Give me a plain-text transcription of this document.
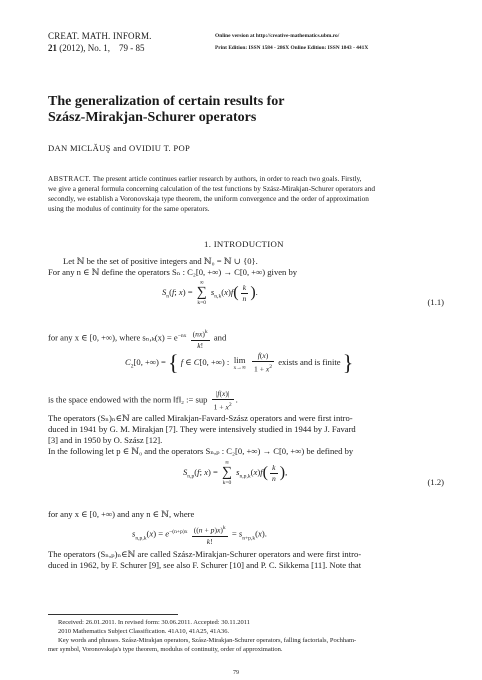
CREAT. MATH. INFORM.
21 (2012), No. 1, 79 - 85
Online version at http://creative-mathematics.ubm.ro/
Print Edition: ISSN 1584 - 286X Online Edition: ISSN 1843 - 441X
The generalization of certain results for
Szász-Mirakjan-Schurer operators
DAN MICLĂUŞ and OVIDIU T. POP
ABSTRACT. The present article continues earlier research by authors, in order to reach two goals. Firstly,
we give a general formula concerning calculation of the test functions by Szász-Mirakjan-Schurer operators and
secondly, we establish a Voronovskaja type theorem, the uniform convergence and the order of approximation
using the modulus of continuity for the same operators.
1. INTRODUCTION
Let ℕ be the set of positive integers and ℕ₀ = ℕ ∪ {0}.
For any n ∈ ℕ define the operators Sₙ : C₂[0, +∞) → C[0, +∞) given by
$S_n(f$; x) =
∞
∑
k=0
$s_{n,k}(x)f( \frac{k}{n}$ ).
(1.1)
for any x ∈ [0, +∞), where $s_n,_k(x) = e^{-nx} \frac{(nx)^k}{k!}$ and
$C_2[0$, +∞) = { f ∈ C[0, +∞) : lim
x→∞
$\frac{f(x)}{1 + x^2}$ exists and is finite }
is the space endowed with the norm ‖f‖₂ := sup $\frac{|f(x)|}{1 + x^2}$ .
The operators (Sₙ)ₙ∈ℕ are called Mirakjan-Favard-Szász operators and were first intro-
duced in 1941 by G. M. Mirakjan [7]. They were intensively studied in 1944 by J. Favard
[3] and in 1950 by O. Szász [12].
In the following let p ∈ ℕ₀ and the operators Sₙ,ₚ : C₂[0, +∞) → C[0, +∞) be defined by
$S_{n,p}(f$; x) =
∞
∑
k=0
$s_{n,p,k}(x)f( \frac{k}{n}$ ),
(1.2)
for any x ∈ [0, +∞) and any n ∈ ℕ, where
$s_{n,p,k}(x) = e^{-(n+p)x} \frac{((n + p)x)^k}{k!} = s_{n+p,k}(x)$.
The operators (Sₙ,ₚ)ₙ∈ℕ are called Szász-Mirakjan-Schurer operators and were first intro-
duced in 1962, by F. Schurer [9], see also F. Schurer [10] and P. C. Sikkema [11]. Note that
Received: 26.01.2011. In revised form: 30.06.2011. Accepted: 30.11.2011
2010 Mathematics Subject Classification. 41A10, 41A25, 41A36.
Key words and phrases. Szász-Mirakjan operators, Szász-Mirakjan-Schurer operators, falling factorials, Pochham-
mer symbol, Voronovskaja's type theorem, modulus of continuity, order of approximation.
79
